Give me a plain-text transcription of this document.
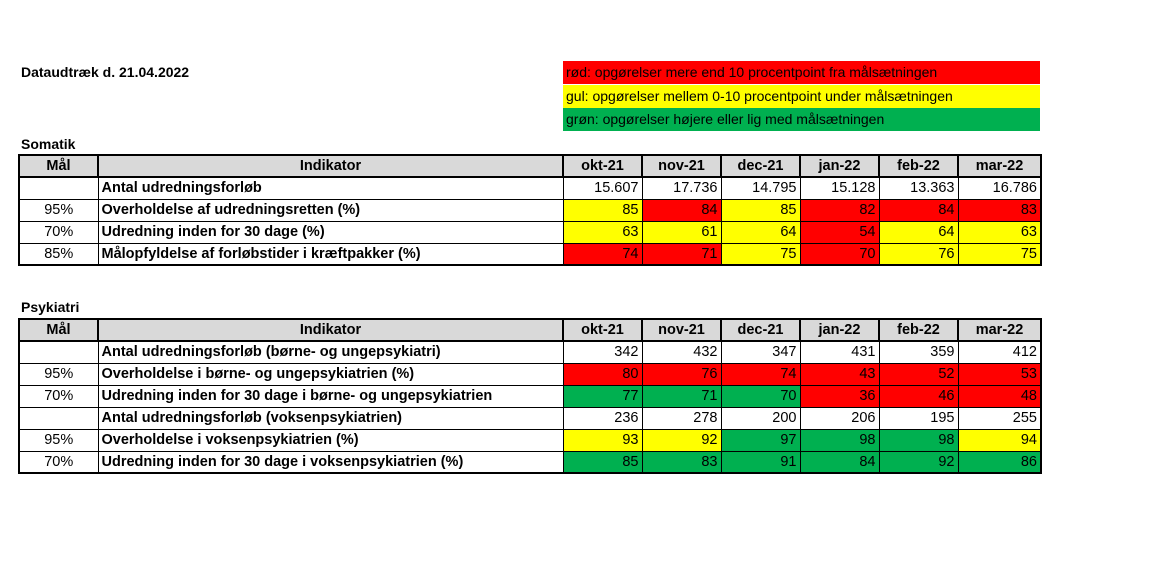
Dataudtræk d. 21.04.2022	rød: opgørelser mere end 10 procentpoint fra målsætningen
gul: opgørelser mellem 0-10 procentpoint under målsætningen
grøn: opgørelser højere eller lig med målsætningen
Somatik
Mål	Indikator	okt-21	nov-21	dec-21	jan-22	feb-22	mar-22
	Antal udredningsforløb	15.607	17.736	14.795	15.128	13.363	16.786
95%	Overholdelse af udredningsretten (%)	85	84	85	82	84	83
70%	Udredning inden for 30 dage (%)	63	61	64	54	64	63
85%	Målopfyldelse af forløbstider i kræftpakker (%)	74	71	75	70	76	75
Psykiatri
Mål	Indikator	okt-21	nov-21	dec-21	jan-22	feb-22	mar-22
	Antal udredningsforløb (børne- og ungepsykiatri)	342	432	347	431	359	412
95%	Overholdelse i børne- og ungepsykiatrien (%)	80	76	74	43	52	53
70%	Udredning inden for 30 dage i børne- og ungepsykiatrien	77	71	70	36	46	48
	Antal udredningsforløb (voksenpsykiatrien)	236	278	200	206	195	255
95%	Overholdelse i voksenpsykiatrien (%)	93	92	97	98	98	94
70%	Udredning inden for 30 dage i voksenpsykiatrien (%)	85	83	91	84	92	86
